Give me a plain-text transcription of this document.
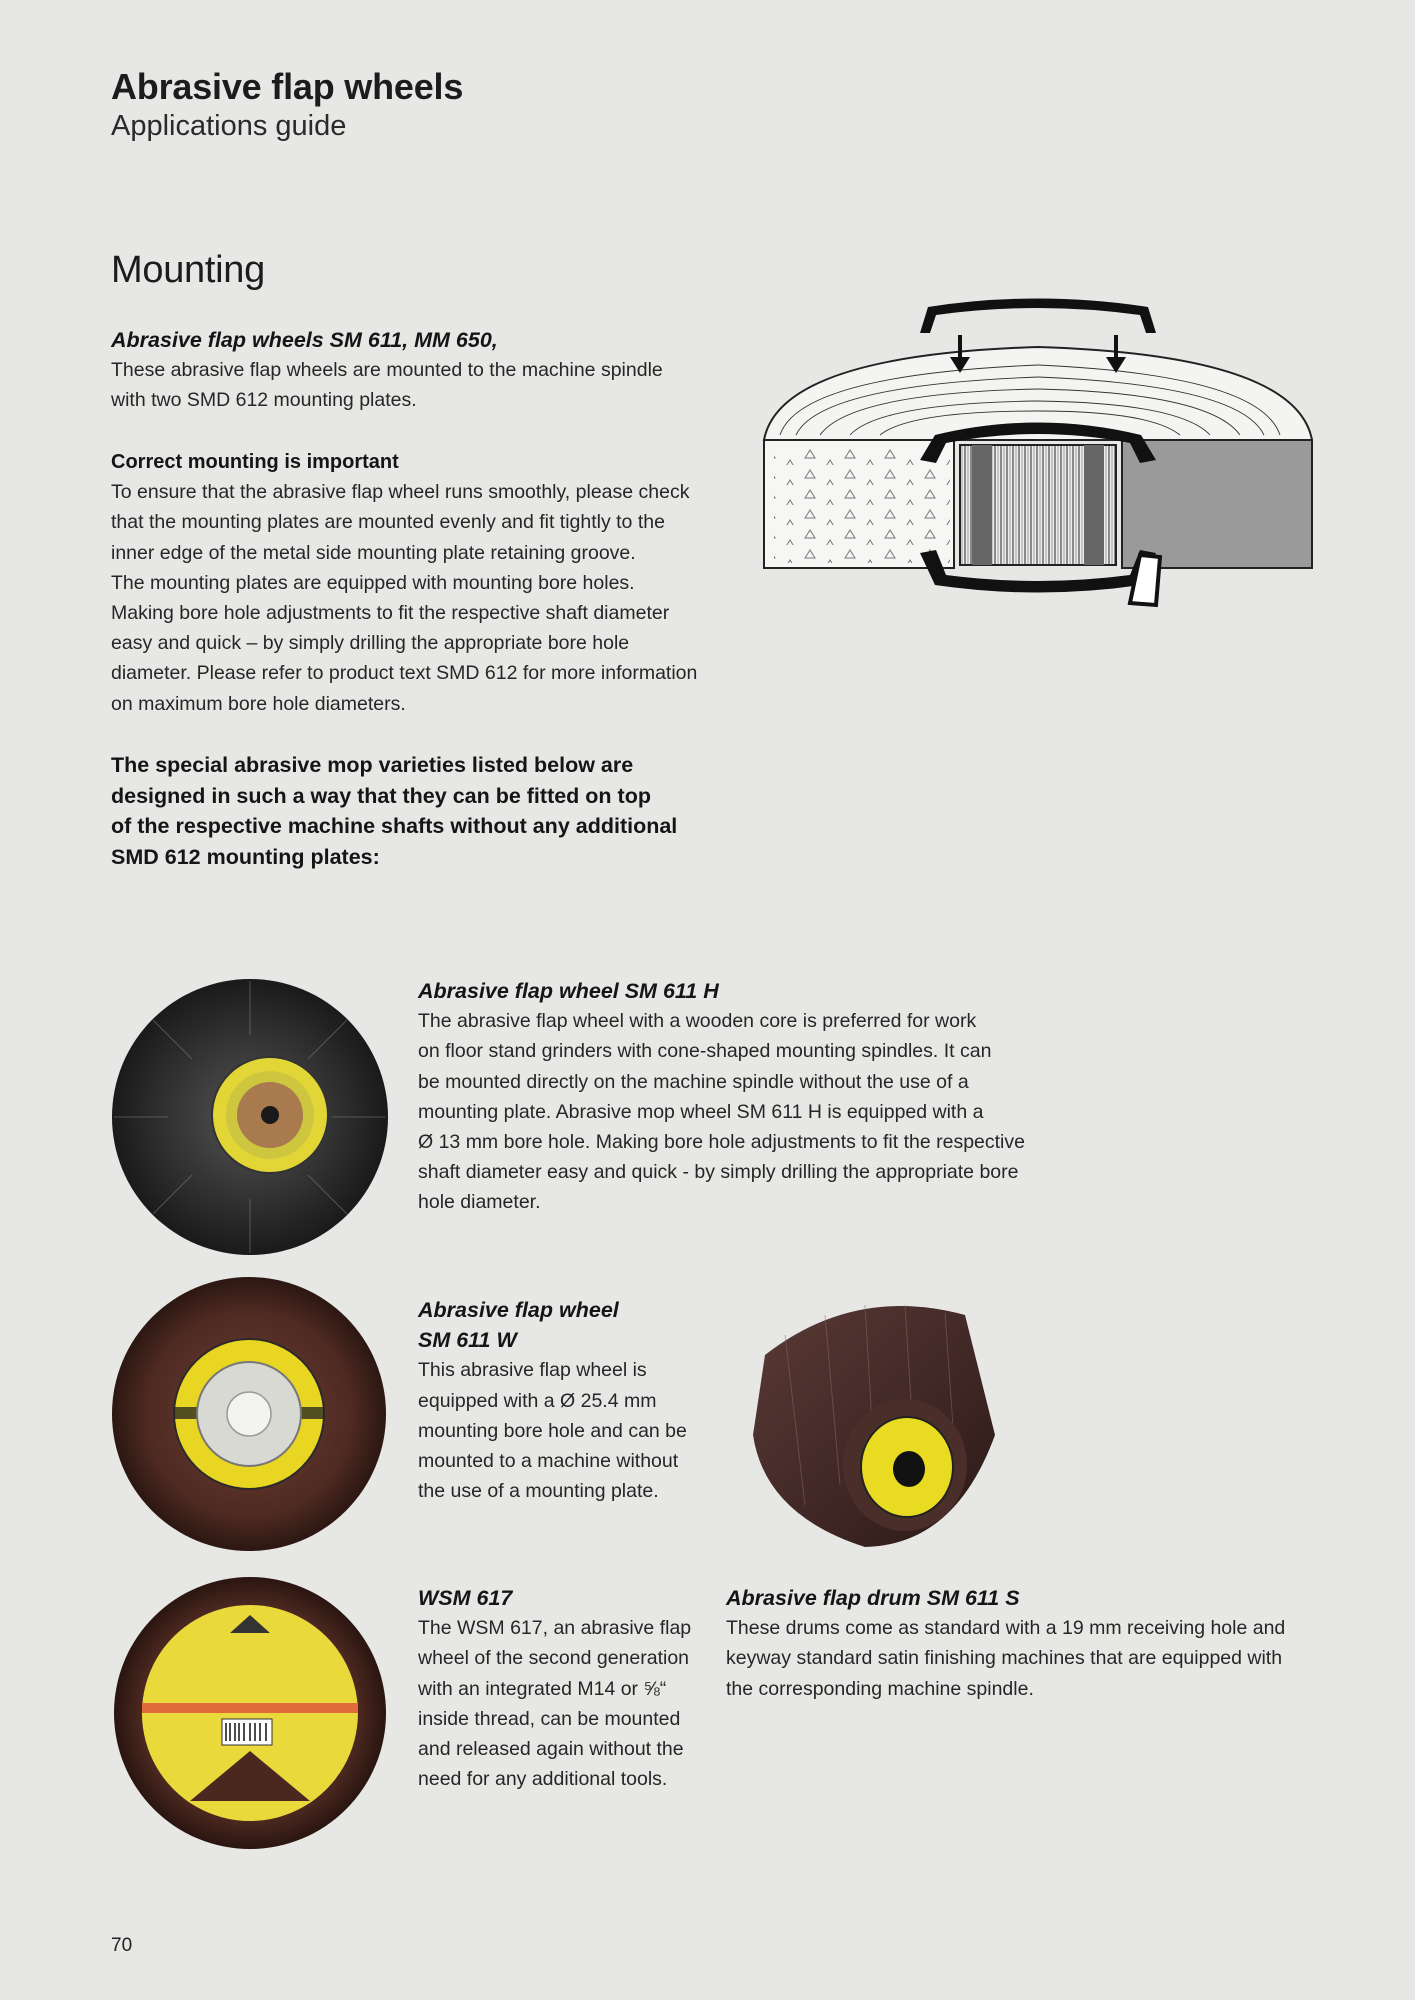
Abrasive flap wheels
Applications guide
Mounting
Abrasive flap wheels SM 611, MM 650,
These abrasive flap wheels are mounted to the machine spindle
with two SMD 612 mounting plates.
Correct mounting is important
To ensure that the abrasive flap wheel runs smoothly, please check
that the mounting plates are mounted evenly and fit tightly to the
inner edge of the metal side mounting plate retaining groove.
The mounting plates are equipped with mounting bore holes.
Making bore hole adjustments to fit the respective shaft diameter
easy and quick – by simply drilling the appropriate bore hole
diameter. Please refer to product text SMD 612 for more information
on maximum bore hole diameters.
The special abrasive mop varieties listed below are
designed in such a way that they can be fitted on top
of the respective machine shafts without any additional
SMD 612 mounting plates:
Abrasive flap wheel SM 611 H
The abrasive flap wheel with a wooden core is preferred for work
on floor stand grinders with cone-shaped mounting spindles. It can
be mounted directly on the machine spindle without the use of a
mounting plate. Abrasive mop wheel SM 611 H is equipped with a
Ø 13 mm bore hole. Making bore hole adjustments to fit the respective
shaft diameter easy and quick - by simply drilling the appropriate bore
hole diameter.
Abrasive flap wheel
SM 611 W
This abrasive flap wheel is
equipped with a Ø 25.4 mm
mounting bore hole and can be
mounted to a machine without
the use of a mounting plate.
WSM 617
The WSM 617, an abrasive flap
wheel of the second generation
with an integrated M14 or ⅝“
inside thread, can be mounted
and released again without the
need for any additional tools.
Abrasive flap drum SM 611 S
These drums come as standard with a 19 mm receiving hole and
keyway standard satin finishing machines that are equipped with
the corresponding machine spindle.
70
